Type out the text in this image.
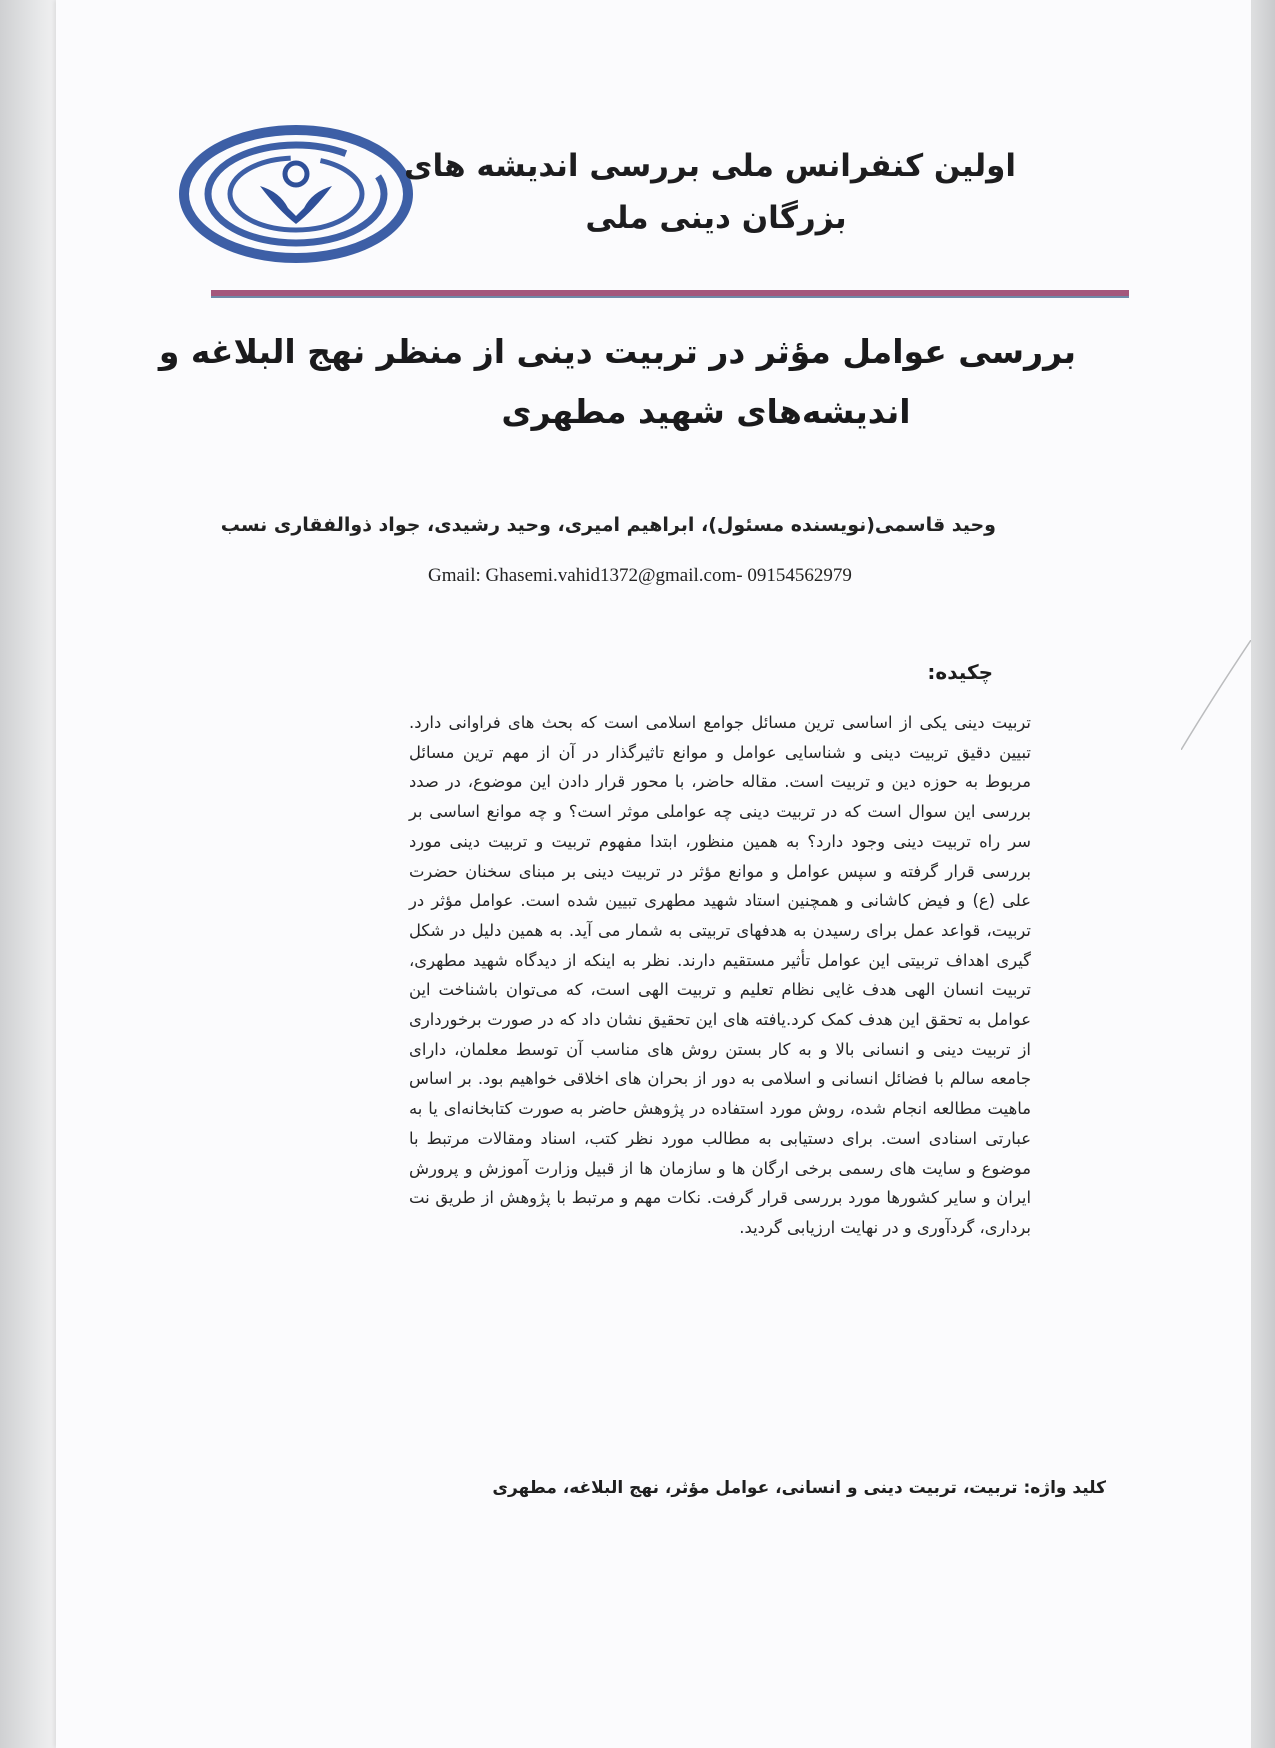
اولین کنفرانس ملی بررسی اندیشه های
بزرگان دینی ملی
بررسی عوامل مؤثر در تربیت دینی از منظر نهج البلاغه و
اندیشه‌های شهید مطهری
وحید قاسمی(نویسنده مسئول)، ابراهیم امیری، وحید رشیدی، جواد ذوالفقاری نسب
Gmail: Ghasemi.vahid1372@gmail.com- 09154562979
چکیده:
تربیت دینی یکی از اساسی ترین مسائل جوامع اسلامی است که بحث های فراوانی دارد. تبیین دقیق تربیت دینی و شناسایی عوامل و موانع تاثیرگذار در آن از مهم ترین مسائل مربوط به حوزه دین و تربیت است. مقاله حاضر، با محور قرار دادن این موضوع، در صدد بررسی این سوال است که در تربیت دینی چه عواملی موثر است؟ و چه موانع اساسی بر سر راه تربیت دینی وجود دارد؟ به همین منظور، ابتدا مفهوم تربیت و تربیت دینی مورد بررسی قرار گرفته و سپس عوامل و موانع مؤثر در تربیت دینی بر مبنای سخنان حضرت علی (ع) و فیض کاشانی و همچنین استاد شهید مطهری تبیین شده است. عوامل مؤثر در تربیت، قواعد عمل برای رسیدن به هدفهای تربیتی به شمار می آید. به همین دلیل در شکل گیری اهداف تربیتی این عوامل تأثیر مستقیم دارند. نظر به اینکه از دیدگاه شهید مطهری، تربیت انسان الهی هدف غایی نظام تعلیم و تربیت الهی است، که می‌توان باشناخت این عوامل به تحقق این هدف کمک کرد.یافته های این تحقیق نشان داد که در صورت برخورداری از تربیت دینی و انسانی بالا و به کار بستن روش های مناسب آن توسط معلمان، دارای جامعه سالم با فضائل انسانی و اسلامی به دور از بحران های اخلاقی خواهیم بود. بر اساس ماهیت مطالعه انجام شده، روش مورد استفاده در پژوهش حاضر به صورت کتابخانه‌ای یا به عبارتی اسنادی است. برای دستیابی به مطالب مورد نظر کتب، اسناد ومقالات مرتبط با موضوع و سایت های رسمی برخی ارگان ها و سازمان ها از قبیل وزارت آموزش و پرورش ایران و سایر کشورها مورد بررسی قرار گرفت. نکات مهم و مرتبط با پژوهش از طریق نت برداری، گردآوری و در نهایت ارزیابی گردید.
کلید واژه: تربیت، تربیت دینی و انسانی، عوامل مؤثر، نهج البلاغه، مطهری
